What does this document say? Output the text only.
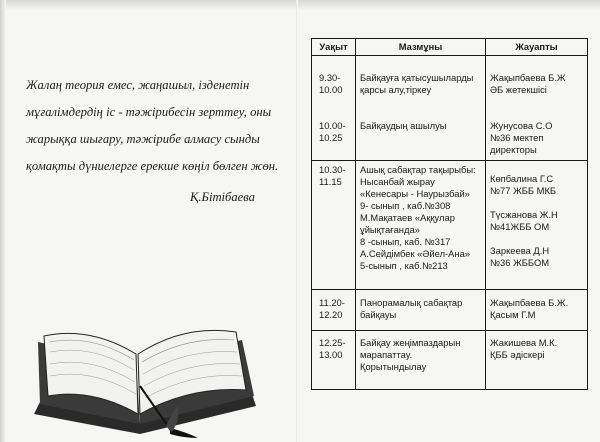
Жалаң теория емес, жаңашыл, ізденетін
мұғалімдердің іс - тәжірибесін зерттеу, оны
жарыққа шығару, тәжірибе алмасу сынды
қомақты дүниелерге ерекше көңіл бөлген жөн.

Қ.Бітібаева
Уақыт	Мазмұны	Жауапты
9.30-
10.00
10.00-
10.25
Байқауға қатысушыларды
қарсы алу,тіркеу
Байқаудың ашылуы
Жақыпбаева Б.Ж
ӘБ жетекшісі
Жунусова С.О
№36 мектеп
директоры
10.30-
11.15
Ашық сабақтар тақырыбы:
Нысанбай жырау
«Кенесары - Наурызбай»
9- сынып , каб.№308
М.Мақатаев «Аққулар
ұйықтағанда»
8 -сынып, каб. №317
А.Сейдімбек «Әйел-Ана»
5-сынып , каб.№213
Көпбалина Г.С
№77 ЖББ МКБ
Түсжанова Ж.Н
№41ЖББ ОМ
Заркеева Д.Н
№36 ЖББОМ
11.20-
12.20
Панорамалық сабақтар
байқауы
Жақыпбаева Б.Ж.
Қасым Г.М
12.25-
13.00
Байқау жеңімпаздарын
марапаттау.
Қорытындылау
Жакишева М.К.
ҚББ әдіскері
